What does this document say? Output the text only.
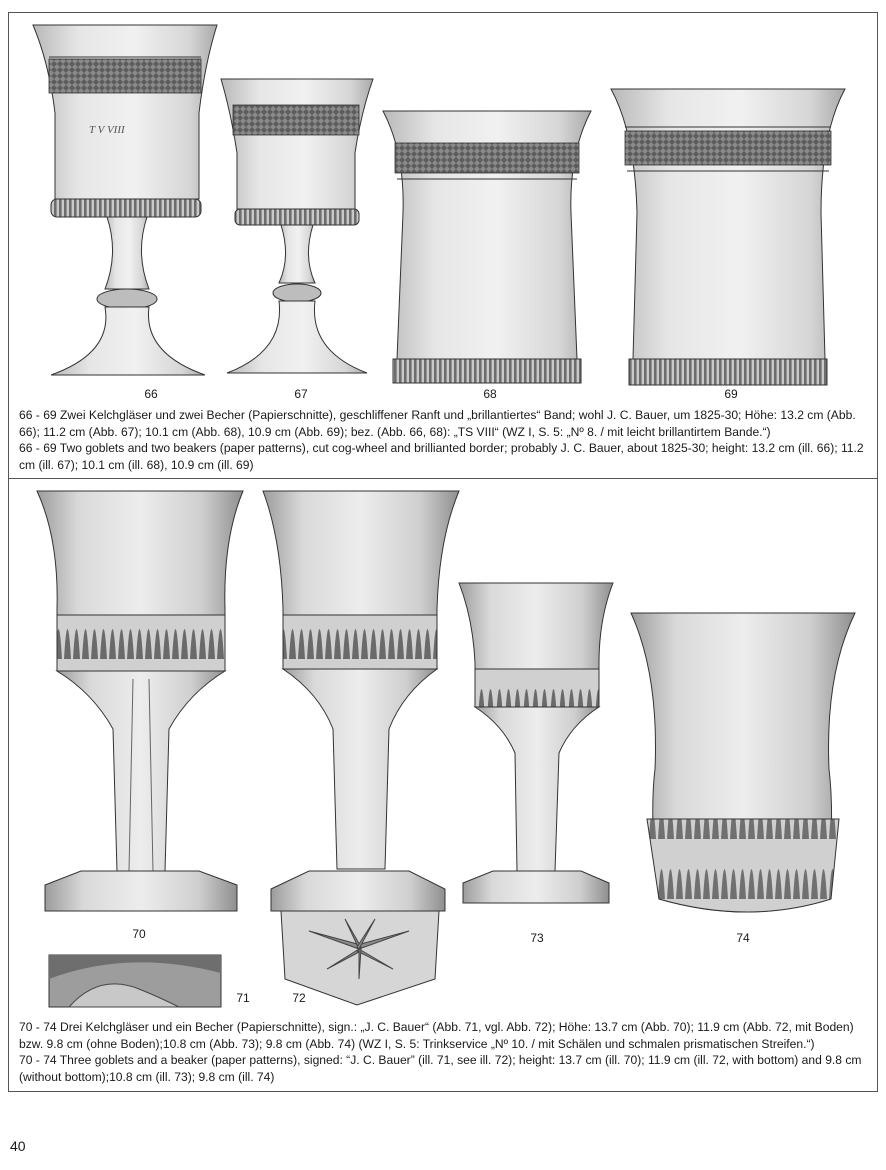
T V VIII
66	67	68	69

66 - 69 Zwei Kelchgläser und zwei Becher (Papierschnitte), geschliffener Ranft und „brillantiertes“ Band; wohl J. C. Bauer, um 1825-30; Höhe: 13.2 cm (Abb. 66); 11.2 cm (Abb. 67); 10.1 cm (Abb. 68), 10.9 cm (Abb. 69); bez. (Abb. 66, 68): „TS VIII“ (WZ I, S. 5: „Nº 8. / mit leicht brillantirtem Bande.“)

66 - 69 Two goblets and two beakers (paper patterns), cut cog-wheel and brillianted border; probably J. C. Bauer, about 1825-30; height: 13.2 cm (ill. 66); 11.2 cm (ill. 67); 10.1 cm (ill. 68), 10.9 cm (ill. 69)

70
71	72
73	74

70 - 74 Drei Kelchgläser und ein Becher (Papierschnitte), sign.: „J. C. Bauer“ (Abb. 71, vgl. Abb. 72); Höhe: 13.7 cm (Abb. 70); 11.9 cm (Abb. 72, mit Boden) bzw. 9.8 cm (ohne Boden);10.8 cm (Abb. 73); 9.8 cm (Abb. 74) (WZ I, S. 5: Trinkservice „Nº 10. / mit Schälen und schmalen prismatischen Streifen.“)

70 - 74 Three goblets and a beaker (paper patterns), signed: “J. C. Bauer” (ill. 71, see ill. 72); height: 13.7 cm (ill. 70); 11.9 cm (ill. 72, with bottom) and 9.8 cm (without bottom);10.8 cm (ill. 73); 9.8 cm (ill. 74)

40
